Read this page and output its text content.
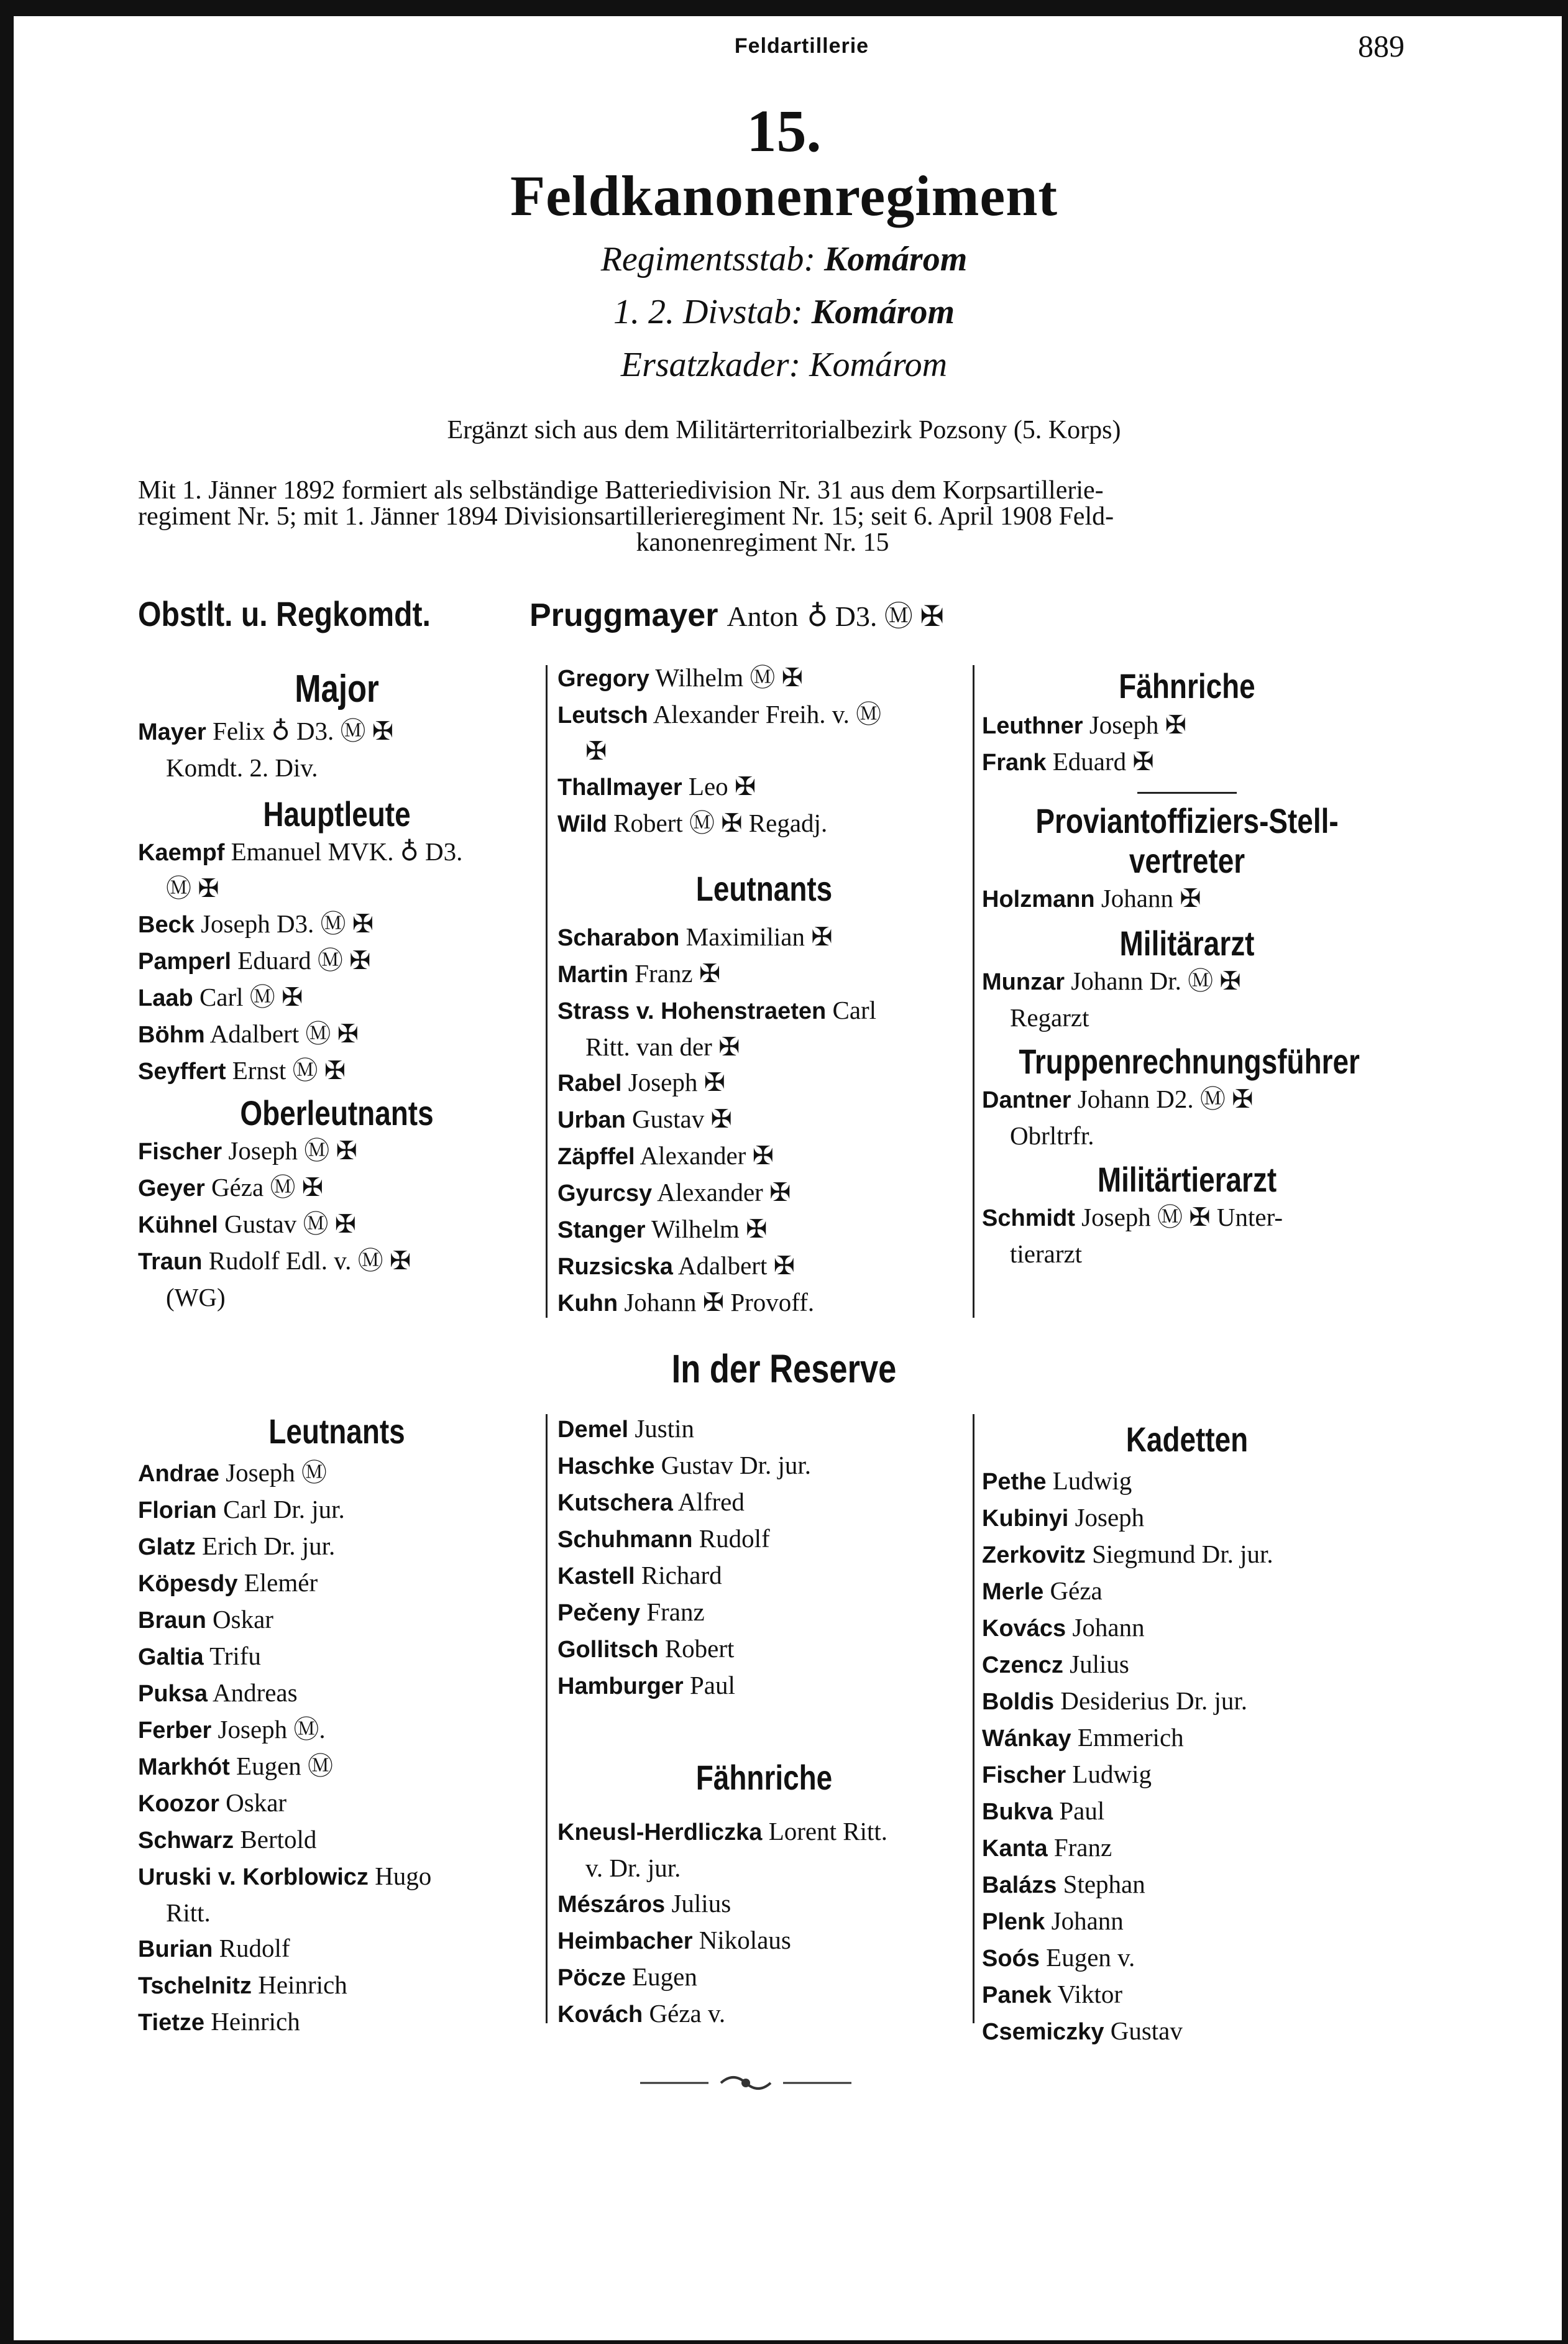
Feldartillerie	889
15.
Feldkanonenregiment
Regimentsstab: Komárom
1. 2. Divstab: Komárom
Ersatzkader: Komárom
Ergänzt sich aus dem Militärterritorialbezirk Pozsony (5. Korps)
Mit 1. Jänner 1892 formiert als selbständige Batteriedivision Nr. 31 aus dem Korpsartillerie-
regiment Nr. 5; mit 1. Jänner 1894 Divisionsartillerieregiment Nr. 15; seit 6. April 1908 Feld-
kanonenregiment Nr. 15
Obstlt. u. Regkomdt.	Pruggmayer Anton ♁ D3. Ⓜ ✠
Major
Mayer Felix ♁ D3. Ⓜ ✠
Komdt. 2. Div.
Hauptleute
Kaempf Emanuel MVK. ♁ D3.
Ⓜ ✠
Beck Joseph D3. Ⓜ ✠
Pamperl Eduard Ⓜ ✠
Laab Carl Ⓜ ✠
Böhm Adalbert Ⓜ ✠
Seyffert Ernst Ⓜ ✠
Oberleutnants
Fischer Joseph Ⓜ ✠
Geyer Géza Ⓜ ✠
Kühnel Gustav Ⓜ ✠
Traun Rudolf Edl. v. Ⓜ ✠
(WG)
Gregory Wilhelm Ⓜ ✠
Leutsch Alexander Freih. v. Ⓜ
✠
Thallmayer Leo ✠
Wild Robert Ⓜ ✠ Regadj.
Leutnants
Scharabon Maximilian ✠
Martin Franz ✠
Strass v. Hohenstraeten Carl
Ritt. van der ✠
Rabel Joseph ✠
Urban Gustav ✠
Zäpffel Alexander ✠
Gyurcsy Alexander ✠
Stanger Wilhelm ✠
Ruzsicska Adalbert ✠
Kuhn Johann ✠ Provoff.
Fähnriche
Leuthner Joseph ✠
Frank Eduard ✠
Proviantoffiziers-Stell-
vertreter
Holzmann Johann ✠
Militärarzt
Munzar Johann Dr. Ⓜ ✠
Regarzt
Truppenrechnungsführer
Dantner Johann D2. Ⓜ ✠
Obrltrfr.
Militärtierarzt
Schmidt Joseph Ⓜ ✠ Unter-
tierarzt
In der Reserve
Leutnants
Andrae Joseph Ⓜ
Florian Carl Dr. jur.
Glatz Erich Dr. jur.
Köpesdy Elemér
Braun Oskar
Galtia Trifu
Puksa Andreas
Ferber Joseph Ⓜ.
Markhót Eugen Ⓜ
Koozor Oskar
Schwarz Bertold
Uruski v. Korblowicz Hugo
Ritt.
Burian Rudolf
Tschelnitz Heinrich
Tietze Heinrich
Demel Justin
Haschke Gustav Dr. jur.
Kutschera Alfred
Schuhmann Rudolf
Kastell Richard
Pečeny Franz
Gollitsch Robert
Hamburger Paul
Fähnriche
Kneusl-Herdliczka Lorent Ritt.
v. Dr. jur.
Mészáros Julius
Heimbacher Nikolaus
Pöcze Eugen
Kovách Géza v.
Kadetten
Pethe Ludwig
Kubinyi Joseph
Zerkovitz Siegmund Dr. jur.
Merle Géza
Kovács Johann
Czencz Julius
Boldis Desiderius Dr. jur.
Wánkay Emmerich
Fischer Ludwig
Bukva Paul
Kanta Franz
Balázs Stephan
Plenk Johann
Soós Eugen v.
Panek Viktor
Csemiczky Gustav
